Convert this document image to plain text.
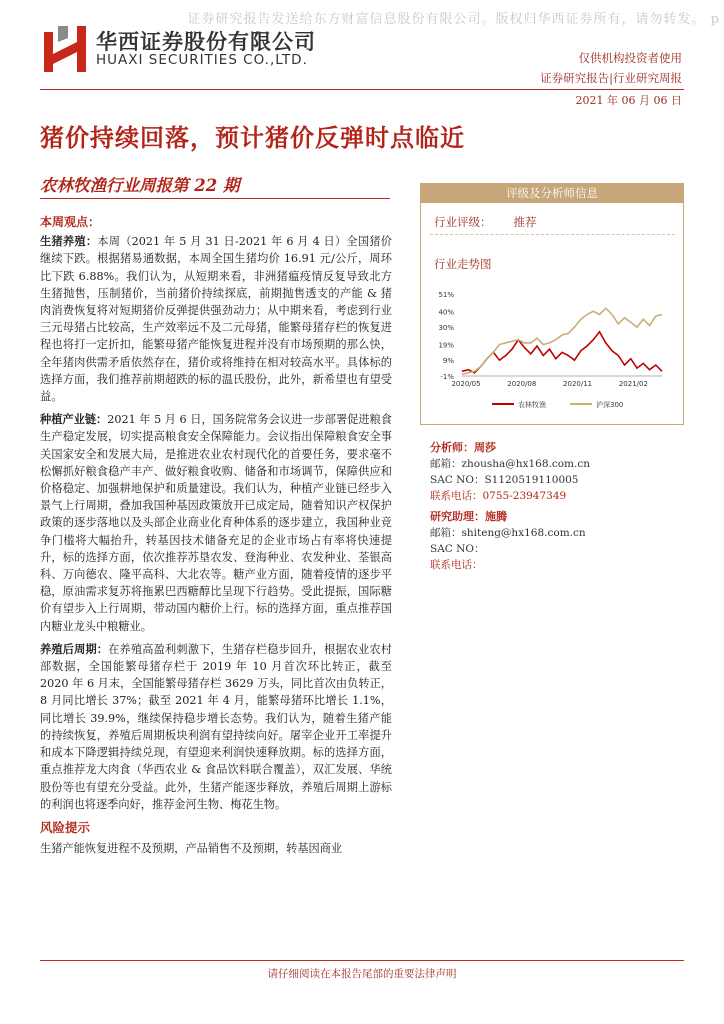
证券研究报告发送给东方财富信息股份有限公司。版权归华西证券所有，请勿转发。 p
华西证券股份有限公司
HUAXI SECURITIES CO.,LTD.	仅供机构投资者使用
证券研究报告|行业研究周报
2021 年 06 月 06 日
猪价持续回落，预计猪价反弹时点临近
农林牧渔行业周报第 22 期
本周观点：

生猪养殖：本周（2021 年 5 月 31 日-2021 年 6 月 4 日）全国猪价继续下跌。根据猪易通数据，本周全国生猪均价 16.91 元/公斤，周环比下跌 6.88%。我们认为，从短期来看，非洲猪瘟疫情反复导致北方生猪抛售，压制猪价，当前猪价持续探底，前期抛售透支的产能 & 猪肉消费恢复将对短期猪价反弹提供强劲动力；从中期来看，考虑到行业三元母猪占比较高，生产效率远不及二元母猪，能繁母猪存栏的恢复进程也将打一定折扣，能繁母猪产能恢复进程并没有市场预期的那么快，全年猪肉供需矛盾依然存在，猪价或将维持在相对较高水平。具体标的选择方面，我们推荐前期超跌的标的温氏股份，此外，新希望也有望受益。

种植产业链：2021 年 5 月 6 日，国务院常务会议进一步部署促进粮食生产稳定发展，切实提高粮食安全保障能力。会议指出保障粮食安全事关国家安全和发展大局，是推进农业农村现代化的首要任务，要求毫不松懈抓好粮食稳产丰产、做好粮食收购、储备和市场调节，保障供应和价格稳定、加强耕地保护和质量建设。我们认为，种植产业链已经步入景气上行周期，叠加我国种基因政策放开已成定局，随着知识产权保护政策的逐步落地以及头部企业商业化育种体系的逐步建立，我国种业竞争门槛将大幅抬升，转基因技术储备充足的企业市场占有率将快速提升，标的选择方面，依次推荐苏垦农发、登海种业、农发种业、荃银高科、万向德农、隆平高科、大北农等。糖产业方面，随着疫情的逐步平稳，原油需求复苏将拖累巴西糖醇比呈现下行趋势。受此提振，国际糖价有望步入上行周期，带动国内糖价上行。标的选择方面，重点推荐国内糖业龙头中粮糖业。

养殖后周期：在养殖高盈利刺激下，生猪存栏稳步回升，根据农业农村部数据，全国能繁母猪存栏于 2019 年 10 月首次环比转正，截至 2020 年 6 月末，全国能繁母猪存栏 3629 万头，同比首次由负转正，8 月同比增长 37%；截至 2021 年 4 月，能繁母猪环比增长 1.1%，同比增长 39.9%，继续保持稳步增长态势。我们认为，随着生猪产能的持续恢复，养殖后周期板块利润有望持续向好。屠宰企业开工率提升和成本下降逻辑持续兑现，有望迎来利润快速释放期。标的选择方面，重点推荐龙大肉食（华西农业 & 食品饮料联合覆盖），双汇发展、华统股份等也有望充分受益。此外，生猪产能逐步释放，养殖后周期上游标的利润也将逐季向好，推荐金河生物、梅花生物。

风险提示
生猪产能恢复进程不及预期，产品销售不及预期，转基因商业
评级及分析师信息
行业评级： 推荐
行业走势图
51%
40%
30%
19%
9%
-1%
2020/05	2020/08	2020/11	2021/02
农林牧渔	沪深300
分析师：周莎
邮箱：zhousha@hx168.com.cn
SAC NO：S1120519110005
联系电话：0755-23947349
研究助理：施腾
邮箱：shiteng@hx168.com.cn
SAC NO：
联系电话：
请仔细阅读在本报告尾部的重要法律声明
